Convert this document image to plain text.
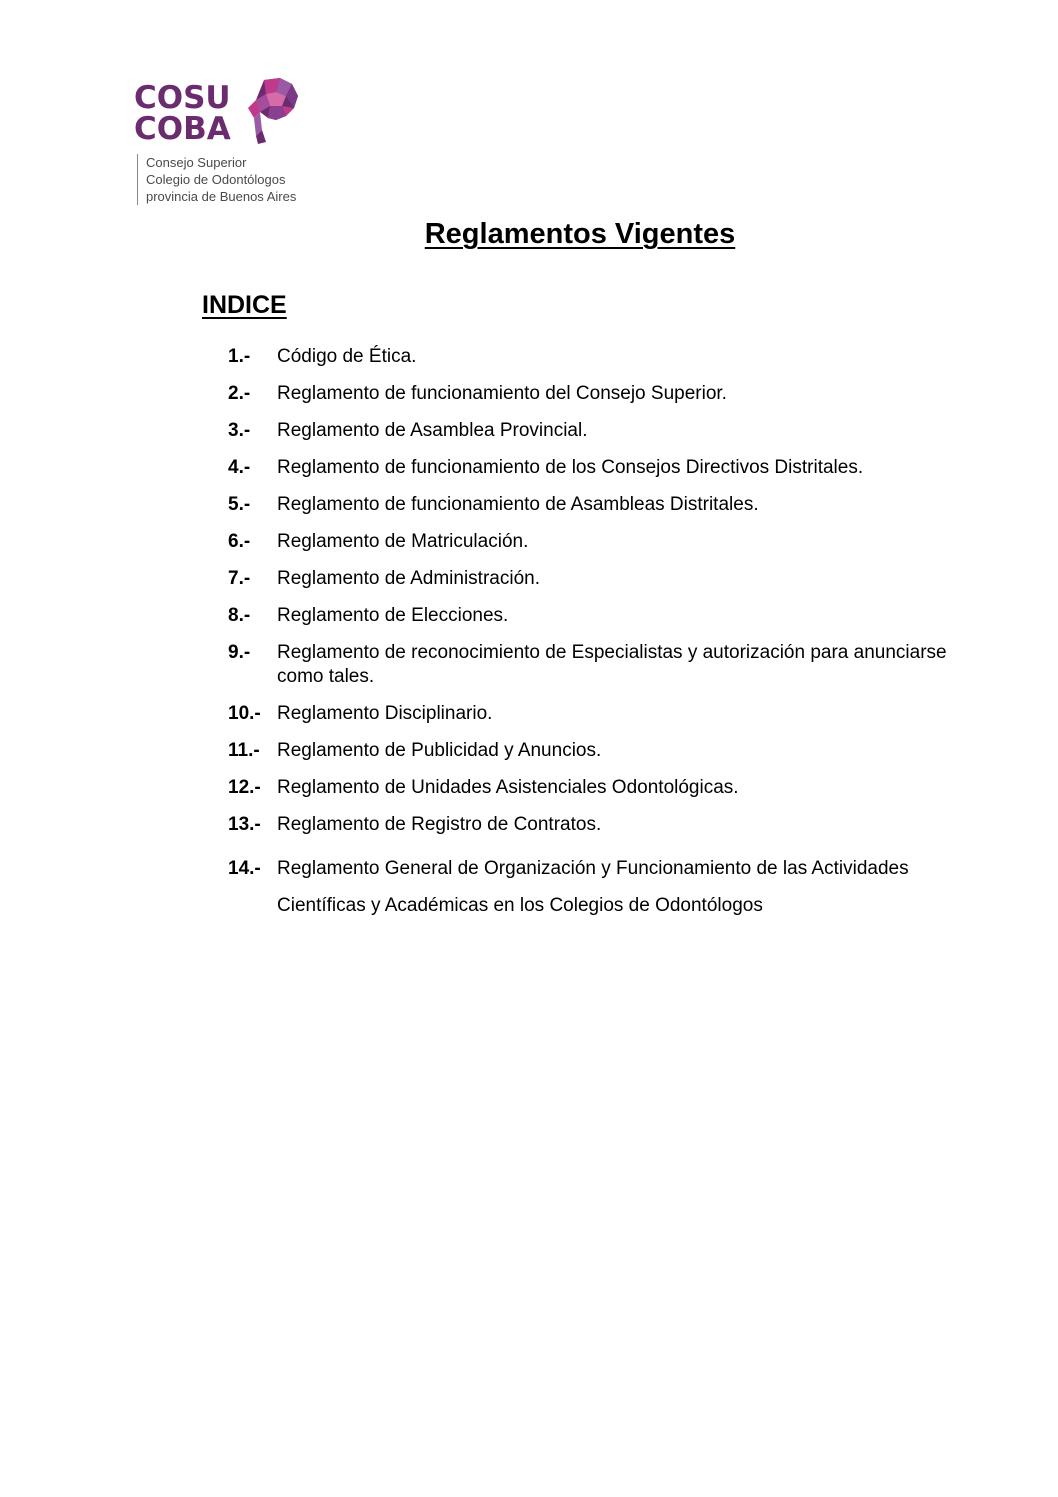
COSU
COBA
Consejo Superior
Colegio de Odontólogos
provincia de Buenos Aires
Reglamentos Vigentes
INDICE
1.-	Código de Ética.
2.-	Reglamento de funcionamiento del Consejo Superior.
3.-	Reglamento de Asamblea Provincial.
4.-	Reglamento de funcionamiento de los Consejos Directivos Distritales.
5.-	Reglamento de funcionamiento de Asambleas Distritales.
6.-	Reglamento de Matriculación.
7.-	Reglamento de Administración.
8.-	Reglamento de Elecciones.
9.-	Reglamento de reconocimiento de Especialistas y autorización para anunciarse como tales.
10.- Reglamento Disciplinario.
11.- Reglamento de Publicidad y Anuncios.
12.- Reglamento de Unidades Asistenciales Odontológicas.
13.- Reglamento de Registro de Contratos.
14.- Reglamento General de Organización y Funcionamiento de las Actividades Científicas y Académicas en los Colegios de Odontólogos
